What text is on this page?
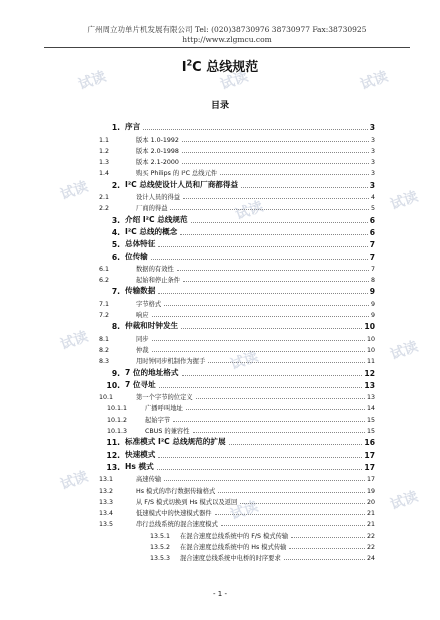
广州周立功单片机发展有限公司 Tel: (020)38730976 38730977 Fax:38730925 http://www.zlgmcu.com
试读	试读	试读
试读
试读	试读
试读
试读	试读
试读
试读	试读
$I^2C$ 总线规范
目录
1. 序言	3
1.1	版本 1.0-1992	3
1.2	版本 2.0-1998	3
1.3	版本 2.1-2000	3
1.4	购买 Philips 的 I²C 总线元件	3
2. I²C 总线使设计人员和厂商都得益	3
2.1	设计人员的得益	4
2.2	厂商的得益	5
3. 介绍 I²C 总线规范	6
4. I²C 总线的概念	6
5. 总体特征	7
6. 位传输	7
6.1	数据的有效性	7
6.2	起始和停止条件	8
7. 传输数据	9
7.1	字节格式	9
7.2	响应	9
8. 仲裁和时钟发生	10
8.1	同步	10
8.2	仲裁	10
8.3	用时钟同步机制作为握手	11
9. 7 位的地址格式	12
10. 7 位寻址	13
10.1	第一个字节的位定义	13
10.1.1	广播呼叫地址	14
10.1.2	起始字节	15
10.1.3	CBUS 的兼容性	15
11. 标准模式 I²C 总线规范的扩展	16
12. 快速模式	17
13. Hs 模式	17
13.1	高速传输	17
13.2	Hs 模式的串行数据传输格式	19
13.3	从 F/S 模式切换到 Hs 模式以及返回	20
13.4	低速模式中的快速模式器件	21
13.5	串行总线系统的混合速度模式	21
13.5.1	在混合速度总线系统中的 F/S 模式传输	22
13.5.2	在混合速度总线系统中的 Hs 模式传输	22
13.5.3	混合速度总线系统中电桥的时序要求	24
- 1 -
